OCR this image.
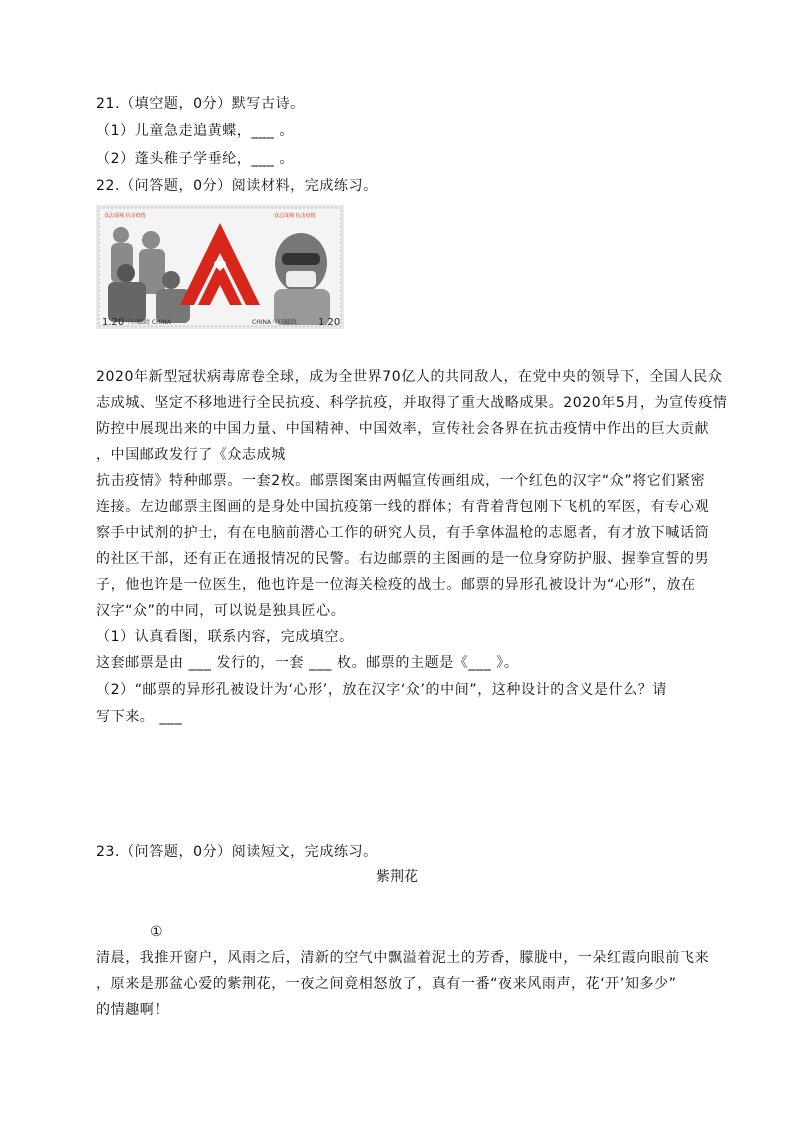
21.（填空题，0分）默写古诗。
（1）儿童急走追黄蝶，___ 。
（2）蓬头稚子学垂纶，___ 。
22.（问答题，0分）阅读材料，完成练习。
众志成城 抗击疫情	众志成城 抗击疫情
1.20 中国邮政 CHINA	CHINA 中国邮政 1.20
2020年新型冠状病毒席卷全球，成为全世界70亿人的共同敌人，在党中央的领导下，全国人民众
志成城、坚定不移地进行全民抗疫、科学抗疫，并取得了重大战略成果。2020年5月，为宣传疫情
防控中展现出来的中国力量、中国精神、中国效率，宣传社会各界在抗击疫情中作出的巨大贡献
，中国邮政发行了《众志成城
抗击疫情》特种邮票。一套2枚。邮票图案由两幅宣传画组成，一个红色的汉字“众”将它们紧密
连接。左边邮票主图画的是身处中国抗疫第一线的群体；有背着背包刚下飞机的军医，有专心观
察手中试剂的护士，有在电脑前潜心工作的研究人员，有手拿体温枪的志愿者，有才放下喊话筒
的社区干部，还有正在通报情况的民警。右边邮票的主图画的是一位身穿防护服、握拳宣誓的男
子，他也许是一位医生，他也许是一位海关检疫的战士。邮票的异形孔被设计为“心形”，放在
汉字“众”的中同，可以说是独具匠心。
（1）认真看图，联系内容，完成填空。
这套邮票是由 ___ 发行的，一套 ___ 枚。邮票的主题是《___ 》。
（2）“邮票的异形孔被设计为‘心形’，放在汉字‘众’的中间”，这种设计的含义是什么？请
写下来。 ___
23.（问答题，0分）阅读短文，完成练习。
紫荆花
①
清晨，我推开窗户，风雨之后，清新的空气中飘溢着泥土的芳香，朦胧中，一朵红霞向眼前飞来
，原来是那盆心爱的紫荆花，一夜之间竟相怒放了，真有一番“夜来风雨声，花‘开’知多少”
的情趣啊！
